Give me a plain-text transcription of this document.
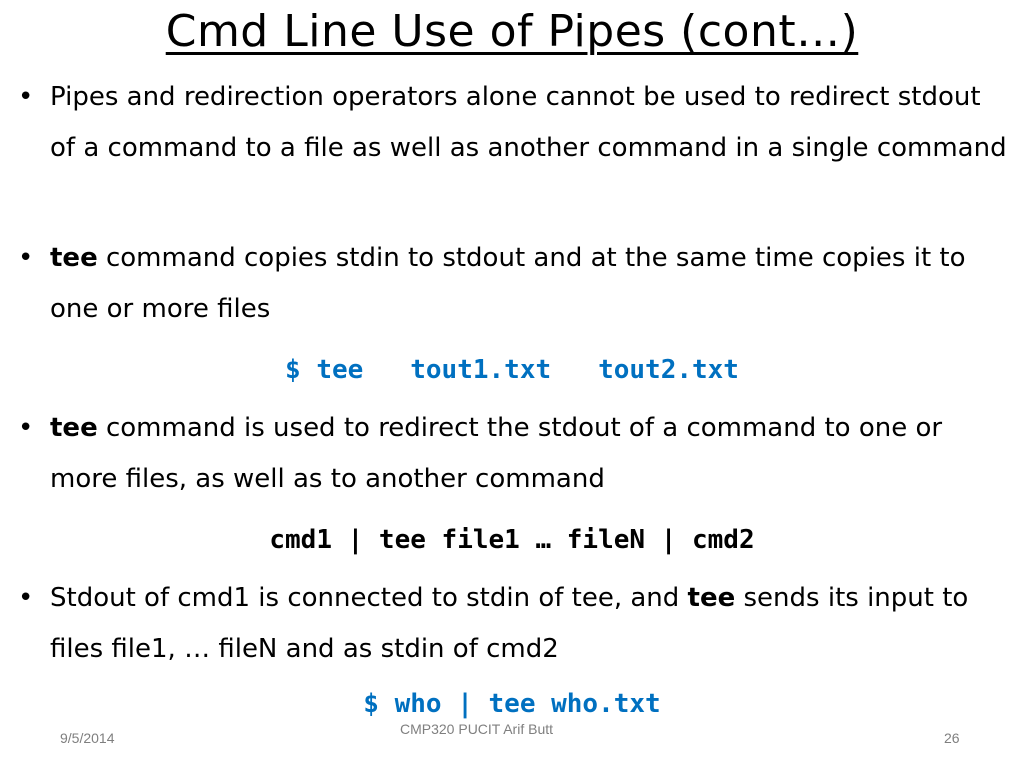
Cmd Line Use of Pipes (cont…)
• Pipes and redirection operators alone cannot be used to redirect stdout of a command to a file as well as another command in a single command
• tee command copies stdin to stdout and at the same time copies it to one or more files
$ tee   tout1.txt   tout2.txt
• tee command is used to redirect the stdout of a command to one or more files, as well as to another command
cmd1 | tee file1 … fileN | cmd2
• Stdout of cmd1 is connected to stdin of tee, and tee sends its input to files file1, … fileN and as stdin of cmd2
$ who | tee who.txt
9/5/2014
CMP320 PUCIT Arif Butt
26
